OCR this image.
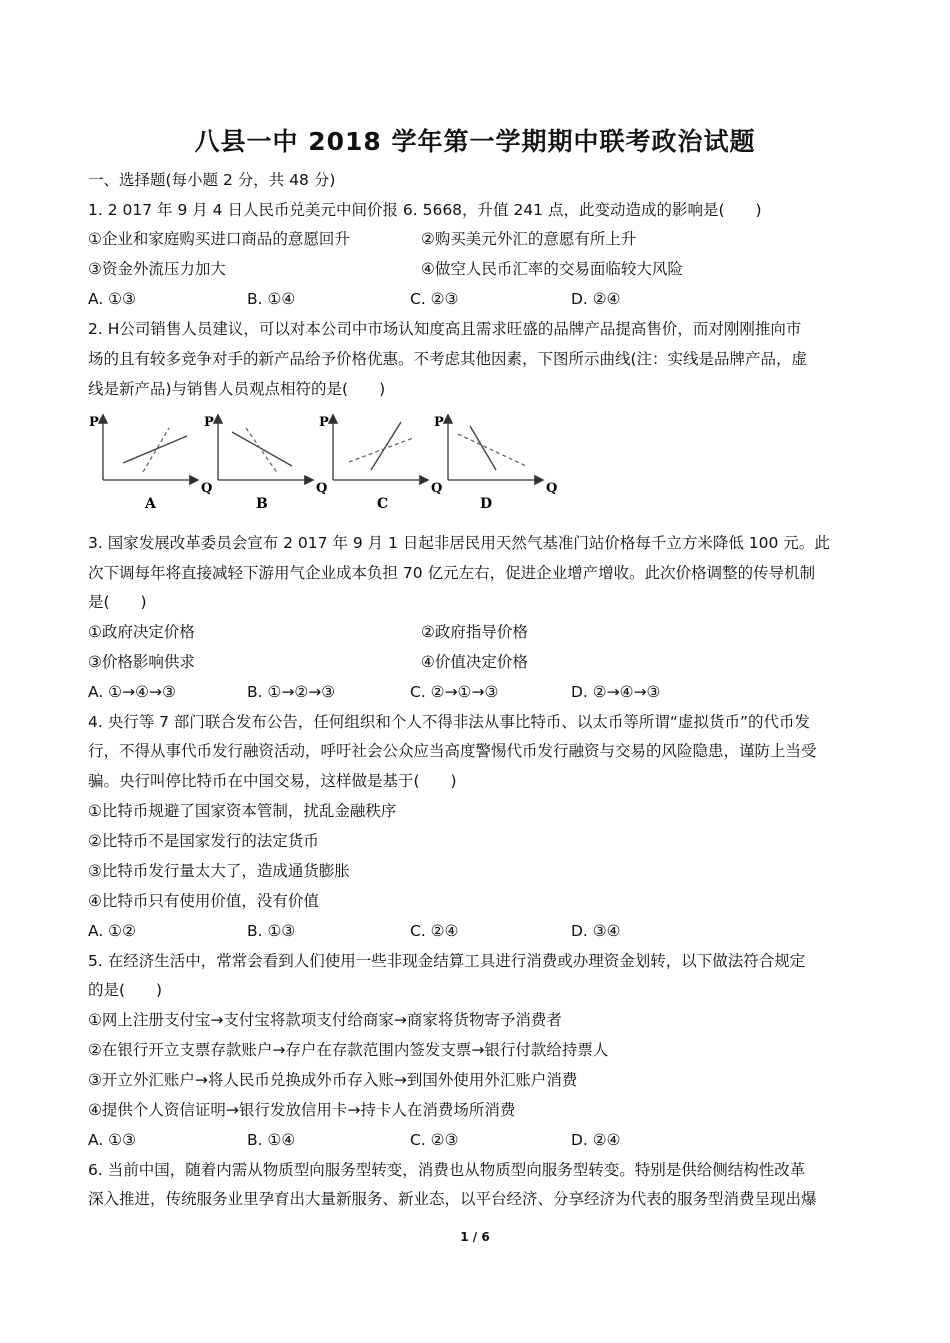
八县一中 2018 学年第一学期期中联考政治试题
一、选择题(每小题 2 分，共 48 分)
1. 2 017 年 9 月 4 日人民币兑美元中间价报 6. 5668，升值 241 点，此变动造成的影响是(　　)
①企业和家庭购买进口商品的意愿回升	②购买美元外汇的意愿有所上升
③资金外流压力加大	④做空人民币汇率的交易面临较大风险
A. ①③	B. ①④	C. ②③	D. ②④
2. H公司销售人员建议，可以对本公司中市场认知度高且需求旺盛的品牌产品提高售价，而对刚刚推向市
场的且有较多竞争对手的新产品给予价格优惠。不考虑其他因素，下图所示曲线(注：实线是品牌产品，虚
线是新产品)与销售人员观点相符的是(　　)
P
Q
A
P
Q
B
P
Q
C
P
Q
D
3. 国家发展改革委员会宣布 2 017 年 9 月 1 日起非居民用天然气基准门站价格每千立方米降低 100 元。此
次下调每年将直接减轻下游用气企业成本负担 70 亿元左右，促进企业增产增收。此次价格调整的传导机制
是(　　)
①政府决定价格	②政府指导价格
③价格影响供求	④价值决定价格
A. ①→④→③	B. ①→②→③	C. ②→①→③	D. ②→④→③
4. 央行等 7 部门联合发布公告，任何组织和个人不得非法从事比特币、以太币等所谓“虚拟货币”的代币发
行，不得从事代币发行融资活动，呼吁社会公众应当高度警惕代币发行融资与交易的风险隐患，谨防上当受
骗。央行叫停比特币在中国交易，这样做是基于(　　)
①比特币规避了国家资本管制，扰乱金融秩序
②比特币不是国家发行的法定货币
③比特币发行量太大了，造成通货膨胀
④比特币只有使用价值，没有价值
A. ①②	B. ①③	C. ②④	D. ③④
5. 在经济生活中，常常会看到人们使用一些非现金结算工具进行消费或办理资金划转，以下做法符合规定
的是(　　)
①网上注册支付宝→支付宝将款项支付给商家→商家将货物寄予消费者
②在银行开立支票存款账户→存户在存款范围内签发支票→银行付款给持票人
③开立外汇账户→将人民币兑换成外币存入账→到国外使用外汇账户消费
④提供个人资信证明→银行发放信用卡→持卡人在消费场所消费
A. ①③	B. ①④	C. ②③	D. ②④
6. 当前中国，随着内需从物质型向服务型转变，消费也从物质型向服务型转变。特别是供给侧结构性改革
深入推进，传统服务业里孕育出大量新服务、新业态，以平台经济、分享经济为代表的服务型消费呈现出爆
1 / 6
